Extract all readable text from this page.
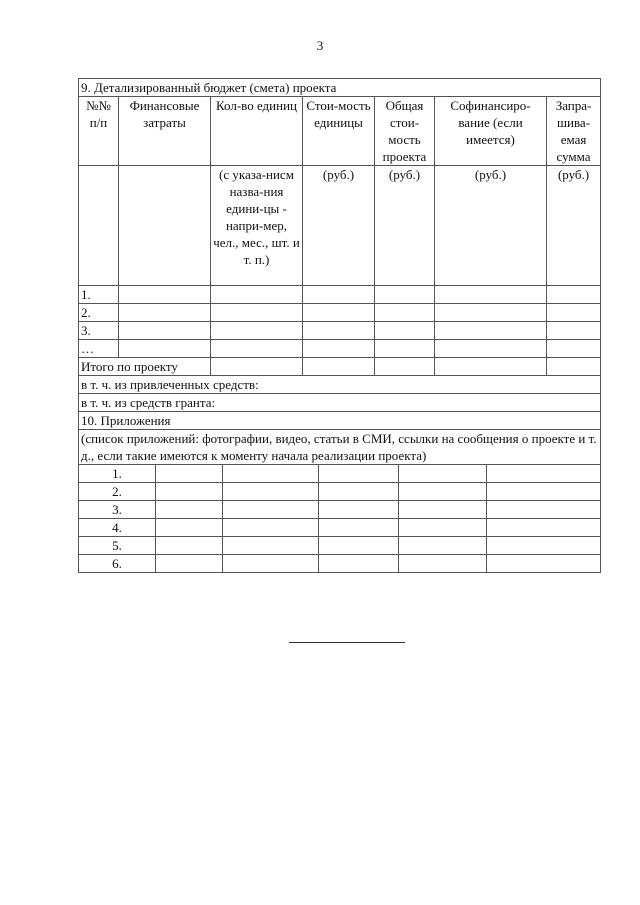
3
9. Детализированный бюджет (смета) проекта						
№№ п/п	Финансовые затраты	Кол-во единиц	Стои-мость единицы	Общая стои-мость проекта	Софинансиро-вание (если имеется)	Запра-шива-емая сумма
		(с указа-нисм назва-ния едини-цы - напри-мер, чел., мес., шт. и т. п.)	(руб.)	(руб.)	(руб.)	(руб.)
1.						
2.						
3.						
…						
Итого по проекту						
в т. ч. из привлеченных средств:						
в т. ч. из средств гранта:						
10. Приложения						
(список приложений: фотографии, видео, статьи в СМИ, ссылки на сообщения о проекте и т. д., если такие имеются к моменту начала реализации проекта)						
1.					
2.					
3.					
4.					
5.					
6.					
